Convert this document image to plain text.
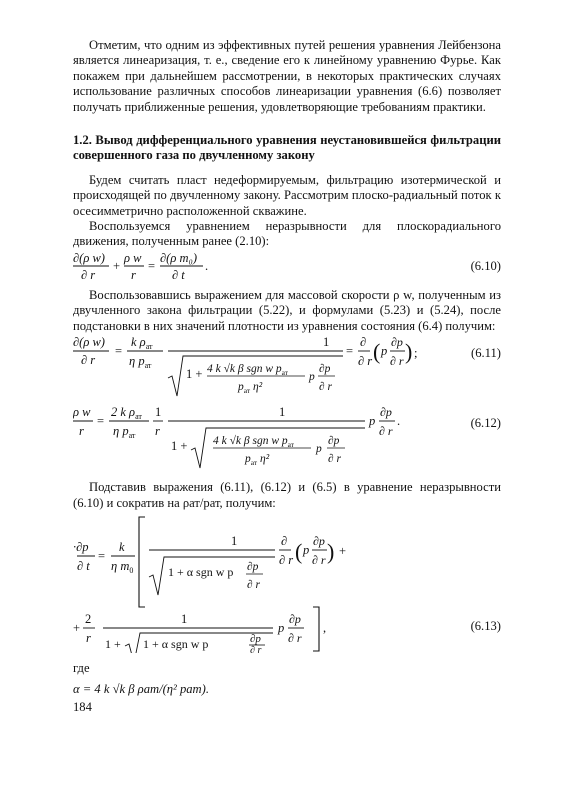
Отметим, что одним из эффективных путей решения уравнения Лейбензона является линеаризация, т. е., сведение его к линейному уравнению Фурье. Как покажем при дальнейшем рассмотрении, в некоторых практических случаях использование различных способов линеаризации уравнения (6.6) позволяет получать приближенные решения, удовлетворяющие требованиям практики.

1.2. Вывод дифференциального уравнения неустановившейся фильтрации совершенного газа по двучленному закону

Будем считать пласт недеформируемым, фильтрацию изотермической и происходящей по двучленному закону. Рассмотрим плоско-радиальный поток к осесимметрично расположенной скважине.

Воспользуемся уравнением неразрывности для плоскорадиального движения, полученным ранее (2.10):

∂(ρ w)
∂ r
+
ρ w
r
=
∂(ρ m₀)
∂ t
.	(6.10)

Воспользовавшись выражением для массовой скорости ρ w, полученным из двучленного закона фильтрации (5.22), и формулами (5.23) и (5.24), после подстановки в них значений плотности из уравнения состояния (6.4) получим:

∂(ρ w)
∂ r
=
k $\rho_{ат}$
η $p_{ат}$
1
1 + 4 k √k β sgn w $p_{ат}$
$p_{ат}$ η²
p
∂p
∂ r
=
∂
∂ r ( p
∂p
∂ r ) ;	(6.11)
ρ w
r
=
2 k $\rho_{ат}$
η $p_{ат}$
1
r
1
1 + 4 k √k β sgn w $p_{ат}$
$p_{ат}$ η²
p
∂p
∂ r
p
∂p
∂ r
.	(6.12)

Подставив выражения (6.11), (6.12) и (6.5) в уравнение неразрывности (6.10) и сократив на ρат/pат, получим:

·∂p
∂ t
=
k
η $m_0$
1
1 + α sgn w p ∂p
∂ r
∂
∂ r ( p
∂p
∂ r ) +
+
2
r
1
1 + 1 + α sgn w p	∂p
∂ r
p
∂p
∂ r
,	(6.13)

где

α = 4 k √k β ρат/(η² pат).

184
